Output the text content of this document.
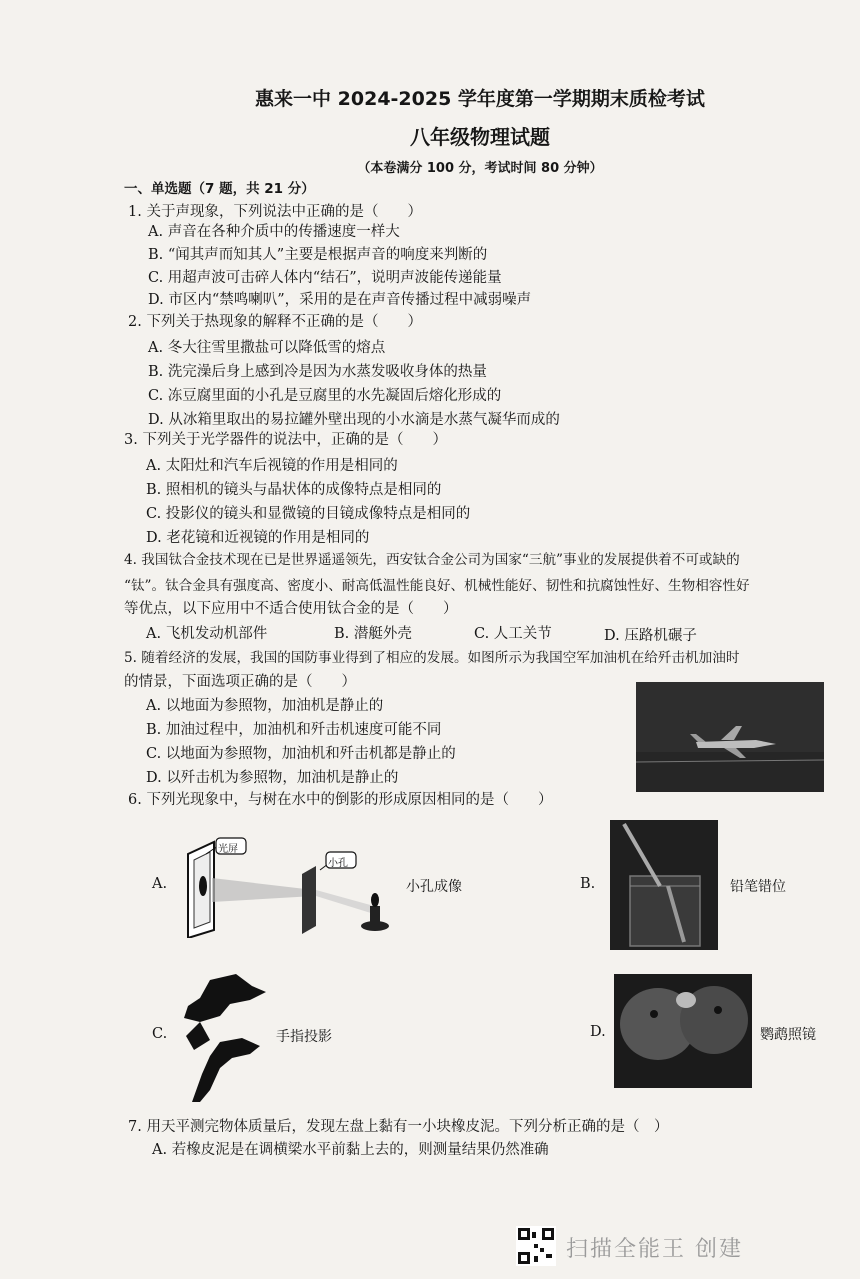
惠来一中 2024-2025 学年度第一学期期末质检考试
八年级物理试题
（本卷满分 100 分，考试时间 80 分钟）
一、单选题（7 题，共 21 分）
1. 关于声现象，下列说法中正确的是（　　）
A. 声音在各种介质中的传播速度一样大
B. “闻其声而知其人”主要是根据声音的响度来判断的
C. 用超声波可击碎人体内“结石”，说明声波能传递能量
D. 市区内“禁鸣喇叭”，采用的是在声音传播过程中减弱噪声
2. 下列关于热现象的解释不正确的是（　　）
A. 冬大往雪里撒盐可以降低雪的熔点
B. 洗完澡后身上感到冷是因为水蒸发吸收身体的热量
C. 冻豆腐里面的小孔是豆腐里的水先凝固后熔化形成的
D. 从冰箱里取出的易拉罐外壁出现的小水滴是水蒸气凝华而成的
3. 下列关于光学器件的说法中，正确的是（　　）
A. 太阳灶和汽车后视镜的作用是相同的
B. 照相机的镜头与晶状体的成像特点是相同的
C. 投影仪的镜头和显微镜的目镜成像特点是相同的
D. 老花镜和近视镜的作用是相同的
4. 我国钛合金技术现在已是世界遥遥领先，西安钛合金公司为国家“三航”事业的发展提供着不可或缺的
“钛”。钛合金具有强度高、密度小、耐高低温性能良好、机械性能好、韧性和抗腐蚀性好、生物相容性好
等优点，以下应用中不适合使用钛合金的是（　　）
A. 飞机发动机部件	B. 潜艇外壳	C. 人工关节	D. 压路机碾子
5. 随着经济的发展，我国的国防事业得到了相应的发展。如图所示为我国空军加油机在给歼击机加油时
的情景，下面选项正确的是（　　）
A. 以地面为参照物，加油机是静止的
B. 加油过程中，加油机和歼击机速度可能不同
C. 以地面为参照物，加油机和歼击机都是静止的
D. 以歼击机为参照物，加油机是静止的
6. 下列光现象中，与树在水中的倒影的形成原因相同的是（　　）
A.
光屏
小孔
小孔成像	B.	铅笔错位
C.	手指投影	D.	鹦鹉照镜
7. 用天平测完物体质量后，发现左盘上黏有一小块橡皮泥。下列分析正确的是（　）
A. 若橡皮泥是在调横梁水平前黏上去的，则测量结果仍然准确
扫描全能王 创建
